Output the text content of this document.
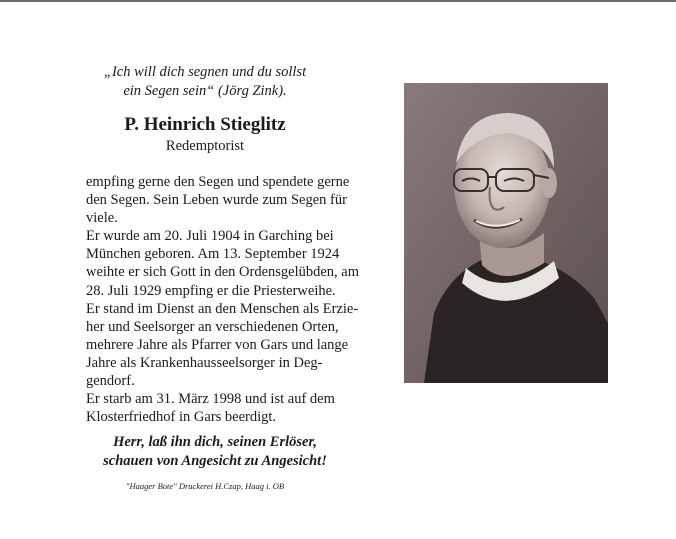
„Ich will dich segnen und du sollst
ein Segen sein“ (Jörg Zink).
P. Heinrich Stieglitz
Redemptorist
empfing gerne den Segen und spendete gerne
den Segen. Sein Leben wurde zum Segen für
viele.
Er wurde am 20. Juli 1904 in Garching bei
München geboren. Am 13. September 1924
weihte er sich Gott in den Ordensgelübden, am
28. Juli 1929 empfing er die Priesterweihe.
Er stand im Dienst an den Menschen als Erzie-
her und Seelsorger an verschiedenen Orten,
mehrere Jahre als Pfarrer von Gars und lange
Jahre als Krankenhausseelsorger in Deg-
gendorf.
Er starb am 31. März 1998 und ist auf dem
Klosterfriedhof in Gars beerdigt.
Herr, laß ihn dich, seinen Erlöser,
schauen von Angesicht zu Angesicht!
"Haager Bote" Druckerei H.Czap, Haag i. OB
